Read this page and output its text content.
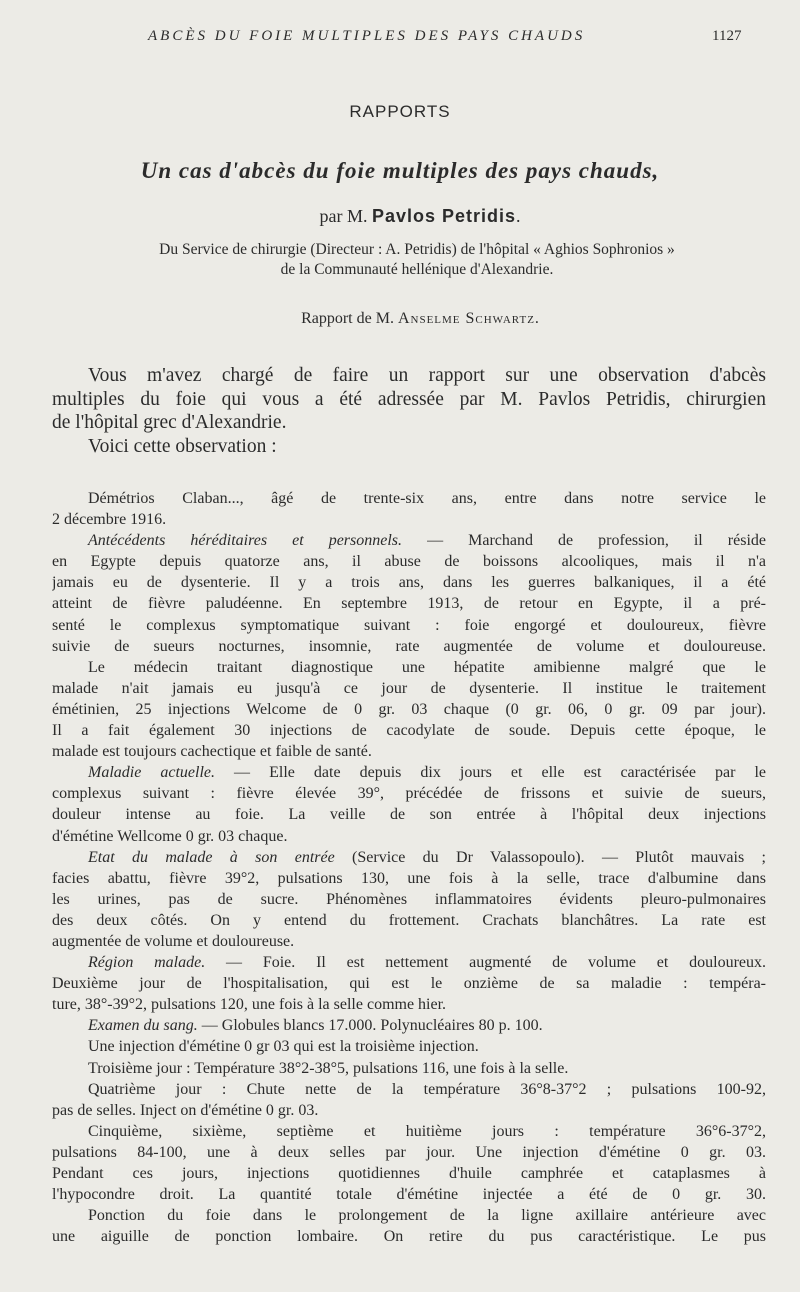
ABCÈS DU FOIE MULTIPLES DES PAYS CHAUDS	1127
RAPPORTS
Un cas d'abcès du foie multiples des pays chauds,
par M. Pavlos Petridis.
Du Service de chirurgie (Directeur : A. Petridis) de l'hôpital « Aghios Sophronios »
de la Communauté hellénique d'Alexandrie.
Rapport de M. Anselme Schwartz.
Vous m'avez chargé de faire un rapport sur une observation d'abcès
multiples du foie qui vous a été adressée par M. Pavlos Petridis, chirurgien
de l'hôpital grec d'Alexandrie.
Voici cette observation :
Démétrios Claban..., âgé de trente-six ans, entre dans notre service le
2 décembre 1916.
Antécédents héréditaires et personnels. — Marchand de profession, il réside
en Egypte depuis quatorze ans, il abuse de boissons alcooliques, mais il n'a
jamais eu de dysenterie. Il y a trois ans, dans les guerres balkaniques, il a été
atteint de fièvre paludéenne. En septembre 1913, de retour en Egypte, il a pré-
senté le complexus symptomatique suivant : foie engorgé et douloureux, fièvre
suivie de sueurs nocturnes, insomnie, rate augmentée de volume et douloureuse.
Le médecin traitant diagnostique une hépatite amibienne malgré que le
malade n'ait jamais eu jusqu'à ce jour de dysenterie. Il institue le traitement
émétinien, 25 injections Welcome de 0 gr. 03 chaque (0 gr. 06, 0 gr. 09 par jour).
Il a fait également 30 injections de cacodylate de soude. Depuis cette époque, le
malade est toujours cachectique et faible de santé.
Maladie actuelle. — Elle date depuis dix jours et elle est caractérisée par le
complexus suivant : fièvre élevée 39°, précédée de frissons et suivie de sueurs,
douleur intense au foie. La veille de son entrée à l'hôpital deux injections
d'émétine Wellcome 0 gr. 03 chaque.
Etat du malade à son entrée (Service du Dr Valassopoulo). — Plutôt mauvais ;
facies abattu, fièvre 39°2, pulsations 130, une fois à la selle, trace d'albumine dans
les urines, pas de sucre. Phénomènes inflammatoires évidents pleuro-pulmonaires
des deux côtés. On y entend du frottement. Crachats blanchâtres. La rate est
augmentée de volume et douloureuse.
Région malade. — Foie. Il est nettement augmenté de volume et douloureux.
Deuxième jour de l'hospitalisation, qui est le onzième de sa maladie : tempéra-
ture, 38°-39°2, pulsations 120, une fois à la selle comme hier.
Examen du sang. — Globules blancs 17.000. Polynucléaires 80 p. 100.
Une injection d'émétine 0 gr 03 qui est la troisième injection.
Troisième jour : Température 38°2-38°5, pulsations 116, une fois à la selle.
Quatrième jour : Chute nette de la température 36°8-37°2 ; pulsations 100-92,
pas de selles. Inject on d'émétine 0 gr. 03.
Cinquième, sixième, septième et huitième jours : température 36°6-37°2,
pulsations 84-100, une à deux selles par jour. Une injection d'émétine 0 gr. 03.
Pendant ces jours, injections quotidiennes d'huile camphrée et cataplasmes à
l'hypocondre droit. La quantité totale d'émétine injectée a été de 0 gr. 30.
Ponction du foie dans le prolongement de la ligne axillaire antérieure avec
une aiguille de ponction lombaire. On retire du pus caractéristique. Le pus
